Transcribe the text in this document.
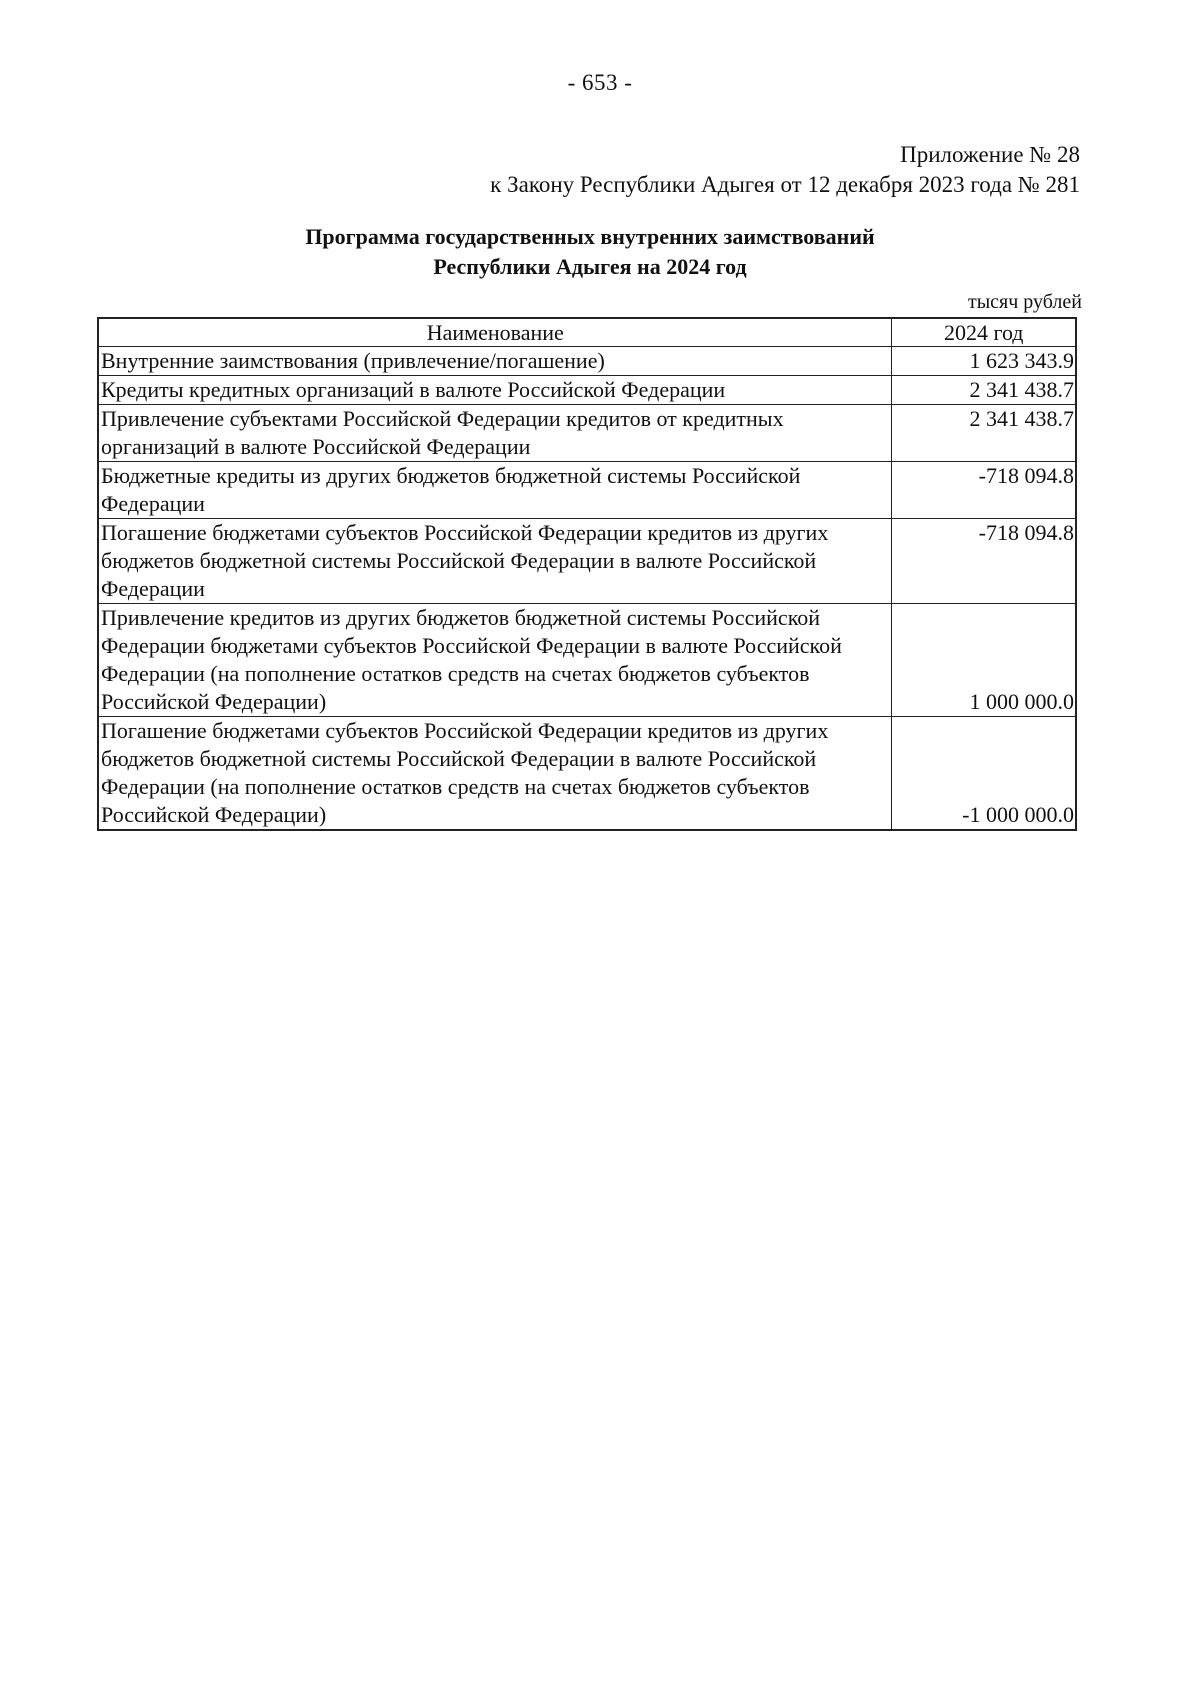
- 653 -
Приложение № 28
к Закону Республики Адыгея от 12 декабря 2023 года № 281
Программа государственных внутренних заимствований
Республики Адыгея на 2024 год
тысяч рублей
Наименование	2024 год
Внутренние заимствования (привлечение/погашение)	1 623 343.9
Кредиты кредитных организаций в валюте Российской Федерации	2 341 438.7
Привлечение субъектами Российской Федерации кредитов от кредитных организаций в валюте Российской Федерации	2 341 438.7
Бюджетные кредиты из других бюджетов бюджетной системы Российской Федерации	-718 094.8
Погашение бюджетами субъектов Российской Федерации кредитов из других бюджетов бюджетной системы Российской Федерации в валюте Российской Федерации	-718 094.8
Привлечение кредитов из других бюджетов бюджетной системы Российской Федерации бюджетами субъектов Российской Федерации в валюте Российской Федерации (на пополнение остатков средств на счетах бюджетов субъектов Российской Федерации)	1 000 000.0
Погашение бюджетами субъектов Российской Федерации кредитов из других бюджетов бюджетной системы Российской Федерации в валюте Российской Федерации (на пополнение остатков средств на счетах бюджетов субъектов Российской Федерации)	-1 000 000.0
